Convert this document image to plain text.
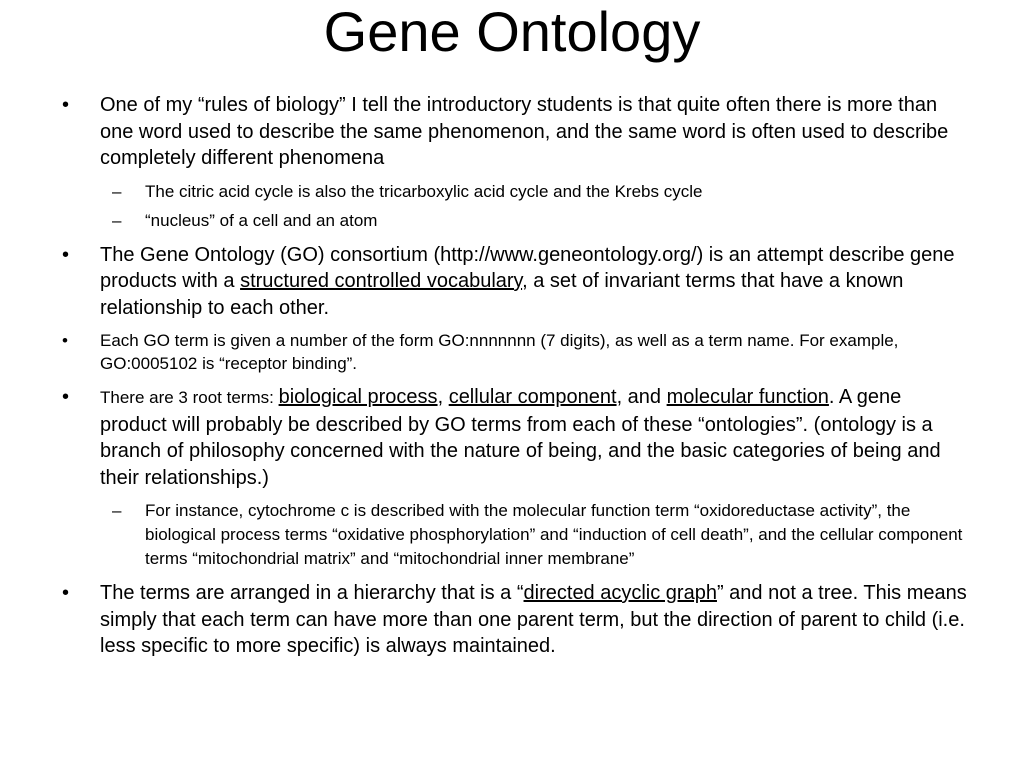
Gene Ontology
• One of my “rules of biology” I tell the introductory students is that quite often there is more than one word used to describe the same phenomenon, and the same word is often used to describe completely different phenomena
– The citric acid cycle is also the tricarboxylic acid cycle and the Krebs cycle
– “nucleus” of a cell and an atom
• The Gene Ontology (GO) consortium (http://www.geneontology.org/) is an attempt describe gene products with a structured controlled vocabulary, a set of invariant terms that have a known relationship to each other.
• Each GO term is given a number of the form GO:nnnnnnn (7 digits), as well as a term name. For example, GO:0005102 is “receptor binding”.
• There are 3 root terms: biological process, cellular component, and molecular function. A gene product will probably be described by GO terms from each of these “ontologies”. (ontology is a branch of philosophy concerned with the nature of being, and the basic categories of being and their relationships.)
– For instance, cytochrome c is described with the molecular function term “oxidoreductase activity”, the biological process terms “oxidative phosphorylation” and “induction of cell death”, and the cellular component terms “mitochondrial matrix” and “mitochondrial inner membrane”
• The terms are arranged in a hierarchy that is a “directed acyclic graph” and not a tree. This means simply that each term can have more than one parent term, but the direction of parent to child (i.e. less specific to more specific) is always maintained.
